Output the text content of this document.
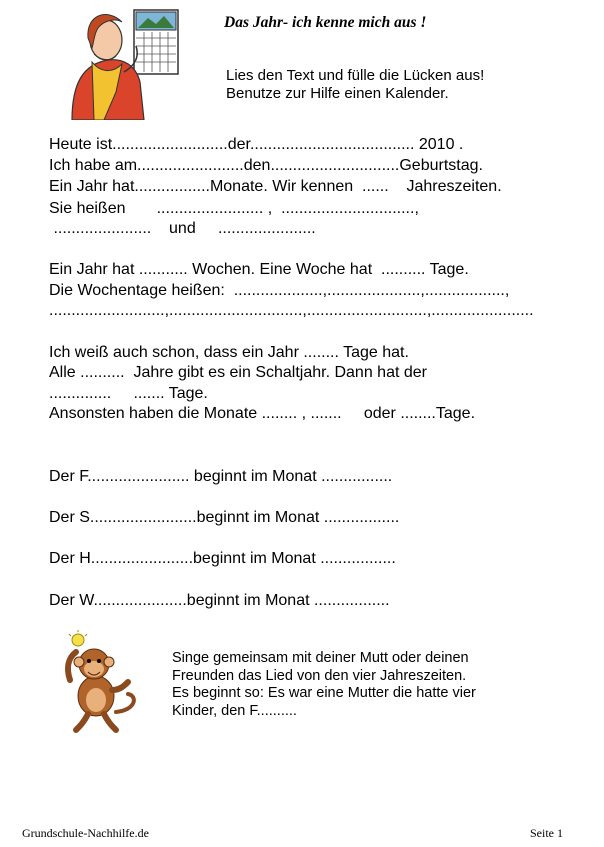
Das Jahr- ich kenne mich aus !
Lies den Text und fülle die Lücken aus!
Benutze zur Hilfe einen Kalender.
Heute ist..........................der..................................... 2010 .
Ich habe am........................den.............................Geburtstag.
Ein Jahr hat.................Monate. Wir kennen  ......    Jahreszeiten.
Sie heißen       ........................ ,  ..............................,
......................    und     ......................
Ein Jahr hat ........... Wochen. Eine Woche hat  .......... Tage.
Die Wochentage heißen:  ....................,.....................,..................,
..........................,..............................,...........................,.......................
Ich weiß auch schon, dass ein Jahr ........ Tage hat.
Alle ..........  Jahre gibt es ein Schaltjahr. Dann hat der
..............     ....... Tage.
Ansonsten haben die Monate ........ , .......     oder ........Tage.
Der F....................... beginnt im Monat ................
Der S........................beginnt im Monat .................
Der H.......................beginnt im Monat .................
Der W.....................beginnt im Monat .................
Singe gemeinsam mit deiner Mutt oder deinen
Freunden das Lied von den vier Jahreszeiten.
Es beginnt so: Es war eine Mutter die hatte vier
Kinder, den F..........
Grundschule-Nachhilfe.de	Seite 1
